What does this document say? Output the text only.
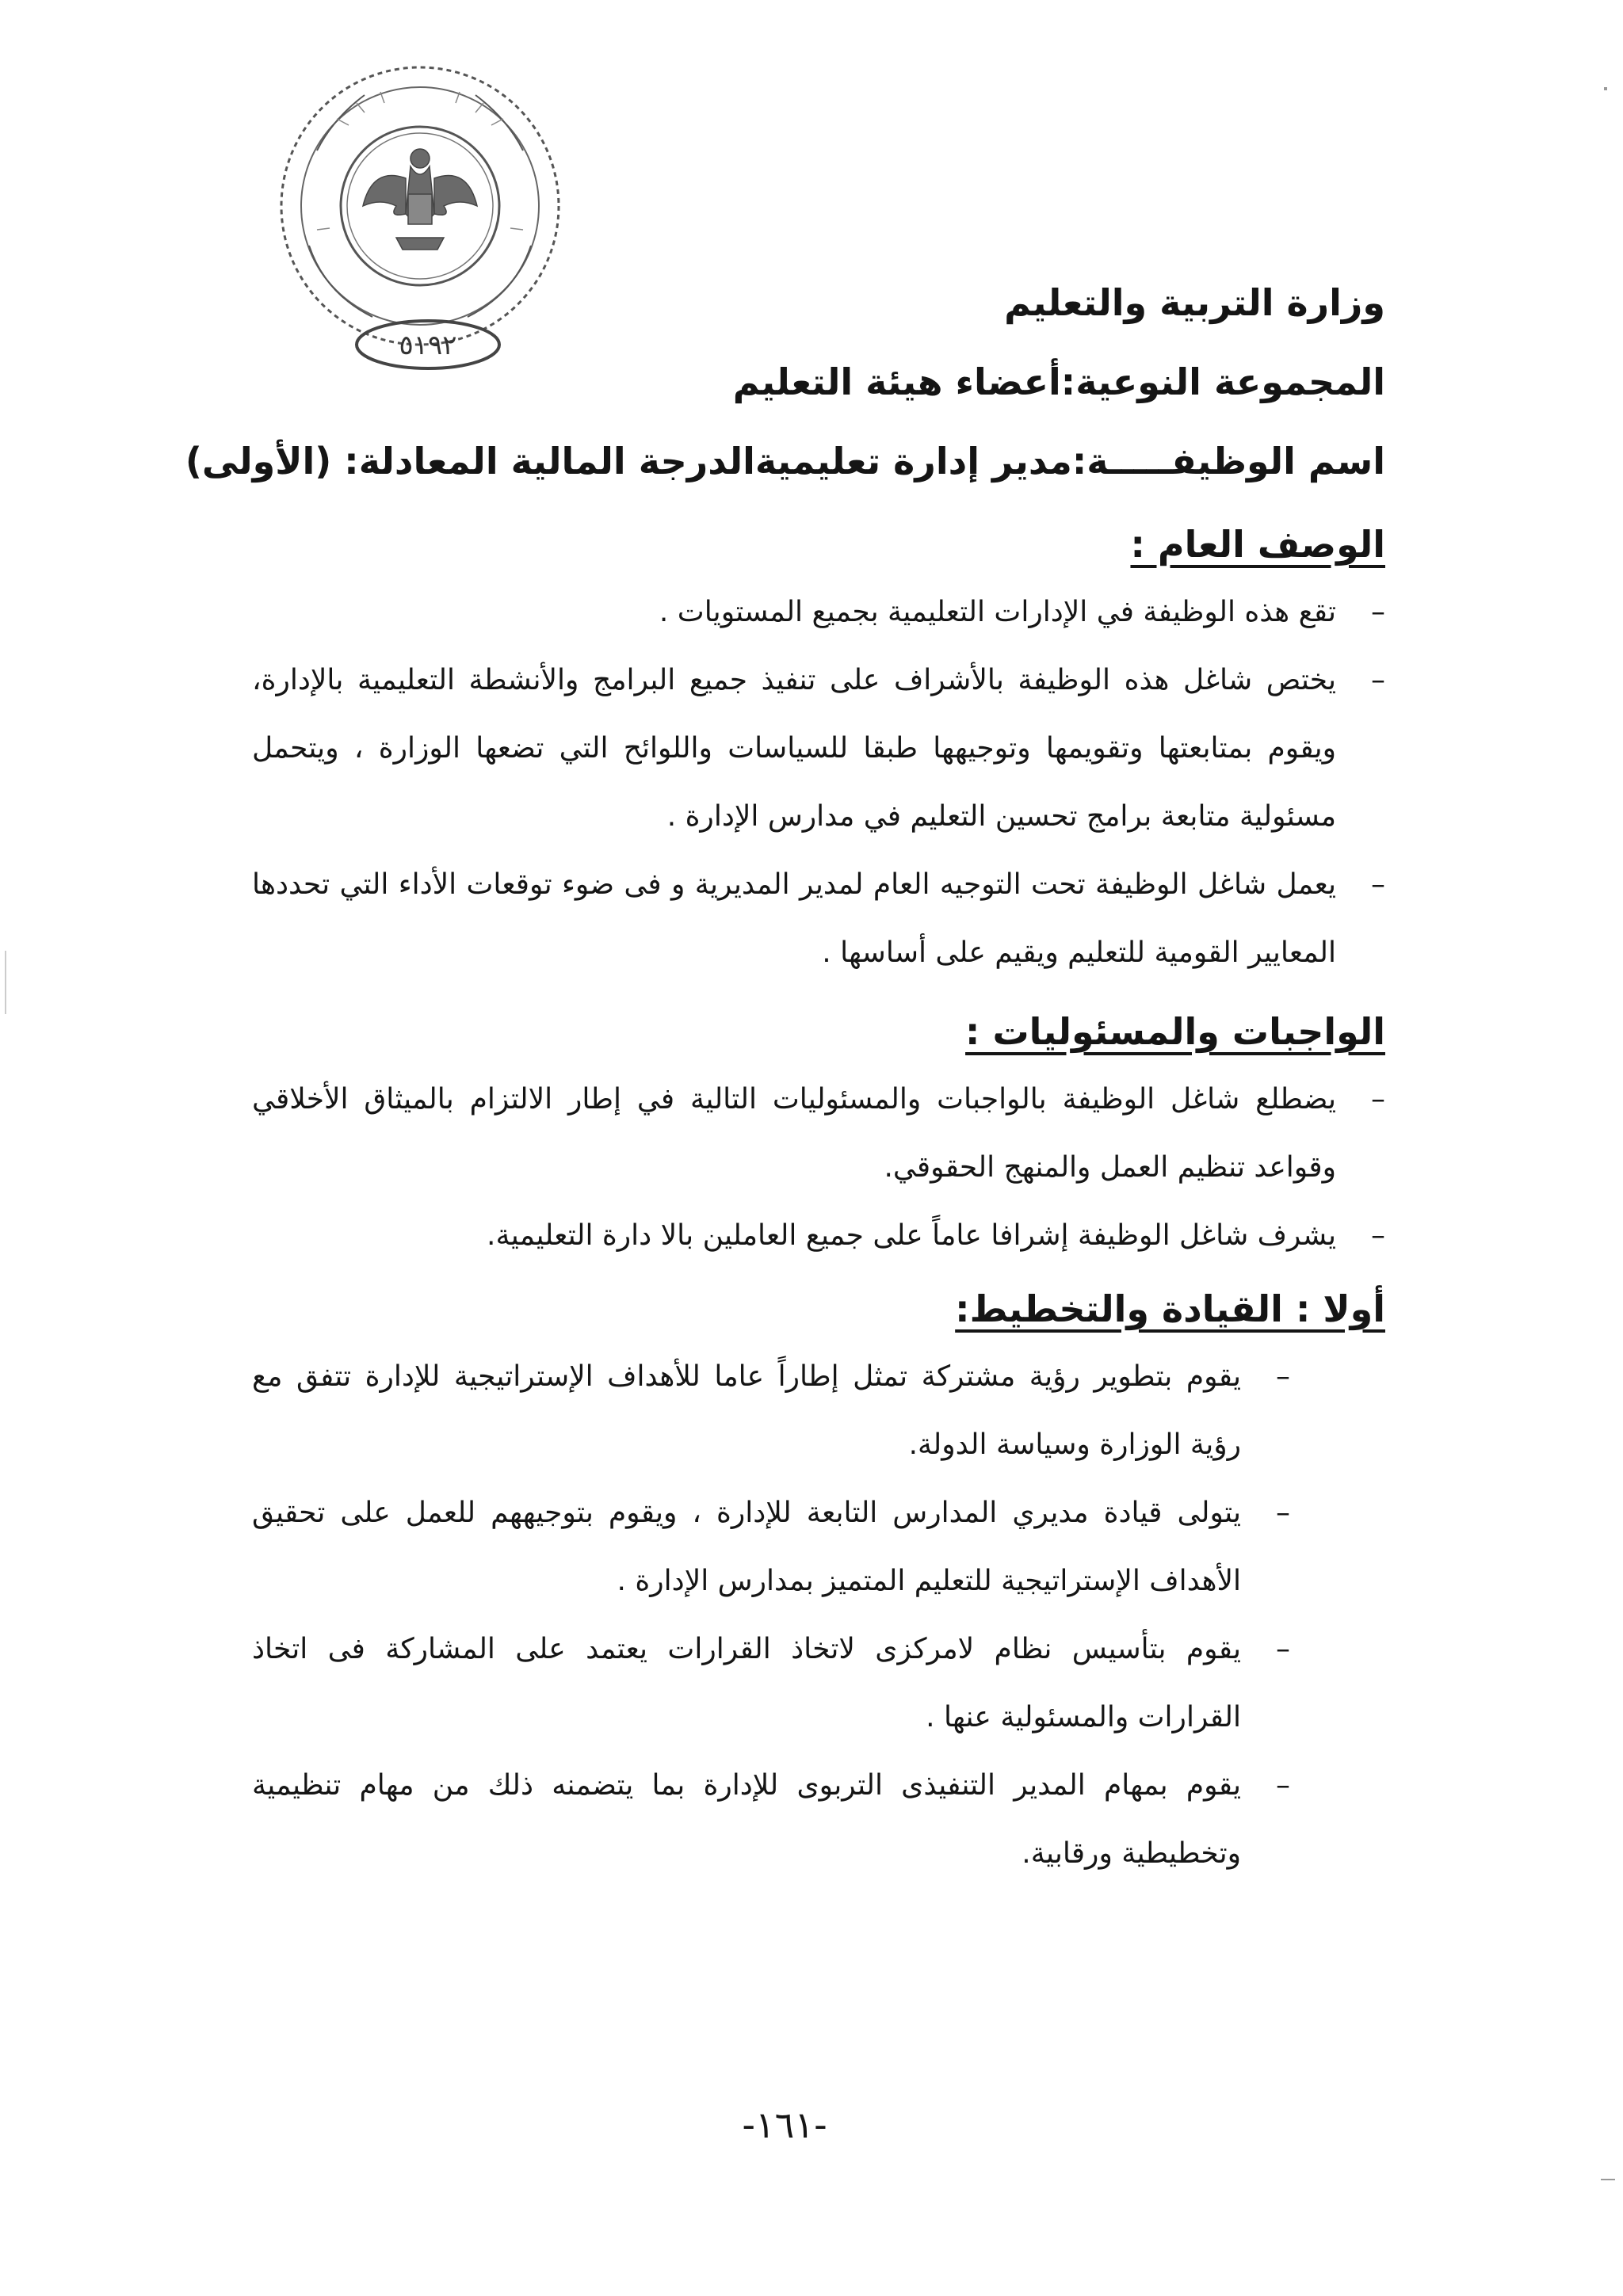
٥١٩٢
وزارة التربية والتعليم
المجموعة النوعية:أعضاء هيئة التعليم
اسم الوظيفـــــة:مدير إدارة تعليمية
الدرجة المالية المعادلة: (الأولى)
الوصف العام :

–
تقع هذه الوظيفة في الإدارات التعليمية بجميع المستويات .

–
يختص شاغل هذه الوظيفة بالأشراف على تنفيذ جميع البرامج والأنشطة التعليمية بالإدارة، ويقوم بمتابعتها وتقويمها وتوجيهها طبقا للسياسات واللوائح التي تضعها الوزارة ، ويتحمل مسئولية متابعة برامج تحسين التعليم في مدارس الإدارة .

–
يعمل شاغل الوظيفة تحت التوجيه العام لمدير المديرية و فى ضوء توقعات الأداء التي تحددها المعايير القومية للتعليم ويقيم على أساسها .

الواجبات والمسئوليات :

–
يضطلع شاغل الوظيفة بالواجبات والمسئوليات التالية في إطار الالتزام بالميثاق الأخلاقي وقواعد تنظيم العمل والمنهج الحقوقي.

–
يشرف شاغل الوظيفة إشرافا عاماً على جميع العاملين بالا دارة التعليمية.

أولا : القيادة والتخطيط:

–
يقوم بتطوير رؤية مشتركة تمثل إطاراً عاما للأهداف الإستراتيجية للإدارة تتفق مع رؤية الوزارة وسياسة الدولة.

–
يتولى قيادة مديري المدارس التابعة للإدارة ، ويقوم بتوجيههم للعمل على تحقيق الأهداف الإستراتيجية للتعليم المتميز بمدارس الإدارة .

–
يقوم بتأسيس نظام لامركزى لاتخاذ القرارات يعتمد على المشاركة فى اتخاذ القرارات والمسئولية عنها .

–
يقوم بمهام المدير التنفيذى التربوى للإدارة بما يتضمنه ذلك من مهام تنظيمية وتخطيطية ورقابية.

-١٦١-
